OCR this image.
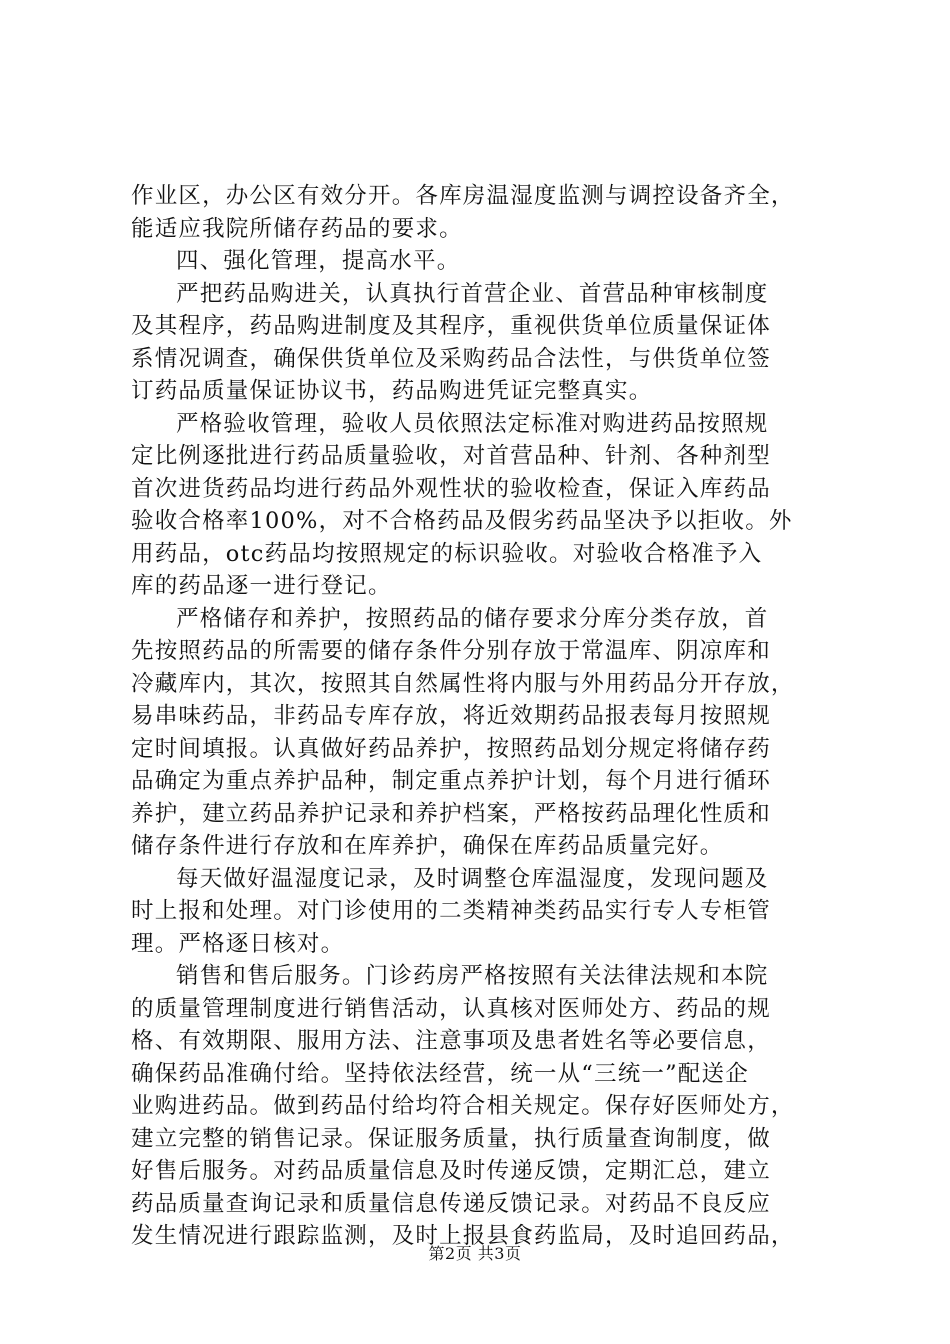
作业区，办公区有效分开。各库房温湿度监测与调控设备齐全，
能适应我院所储存药品的要求。
四、强化管理，提高水平。
严把药品购进关，认真执行首营企业、首营品种审核制度
及其程序，药品购进制度及其程序，重视供货单位质量保证体
系情况调查，确保供货单位及采购药品合法性，与供货单位签
订药品质量保证协议书，药品购进凭证完整真实。
严格验收管理，验收人员依照法定标准对购进药品按照规
定比例逐批进行药品质量验收，对首营品种、针剂、各种剂型
首次进货药品均进行药品外观性状的验收检查，保证入库药品
验收合格率100%，对不合格药品及假劣药品坚决予以拒收。外
用药品，otc药品均按照规定的标识验收。对验收合格准予入
库的药品逐一进行登记。
严格储存和养护，按照药品的储存要求分库分类存放，首
先按照药品的所需要的储存条件分别存放于常温库、阴凉库和
冷藏库内，其次，按照其自然属性将内服与外用药品分开存放，
易串味药品，非药品专库存放，将近效期药品报表每月按照规
定时间填报。认真做好药品养护，按照药品划分规定将储存药
品确定为重点养护品种，制定重点养护计划，每个月进行循环
养护，建立药品养护记录和养护档案，严格按药品理化性质和
储存条件进行存放和在库养护，确保在库药品质量完好。
每天做好温湿度记录，及时调整仓库温湿度，发现问题及
时上报和处理。对门诊使用的二类精神类药品实行专人专柜管
理。严格逐日核对。
销售和售后服务。门诊药房严格按照有关法律法规和本院
的质量管理制度进行销售活动，认真核对医师处方、药品的规
格、有效期限、服用方法、注意事项及患者姓名等必要信息，
确保药品准确付给。坚持依法经营，统一从“三统一”配送企
业购进药品。做到药品付给均符合相关规定。保存好医师处方，
建立完整的销售记录。保证服务质量，执行质量查询制度，做
好售后服务。对药品质量信息及时传递反馈，定期汇总，建立
药品质量查询记录和质量信息传递反馈记录。对药品不良反应
发生情况进行跟踪监测，及时上报县食药监局，及时追回药品，
第2页 共3页
